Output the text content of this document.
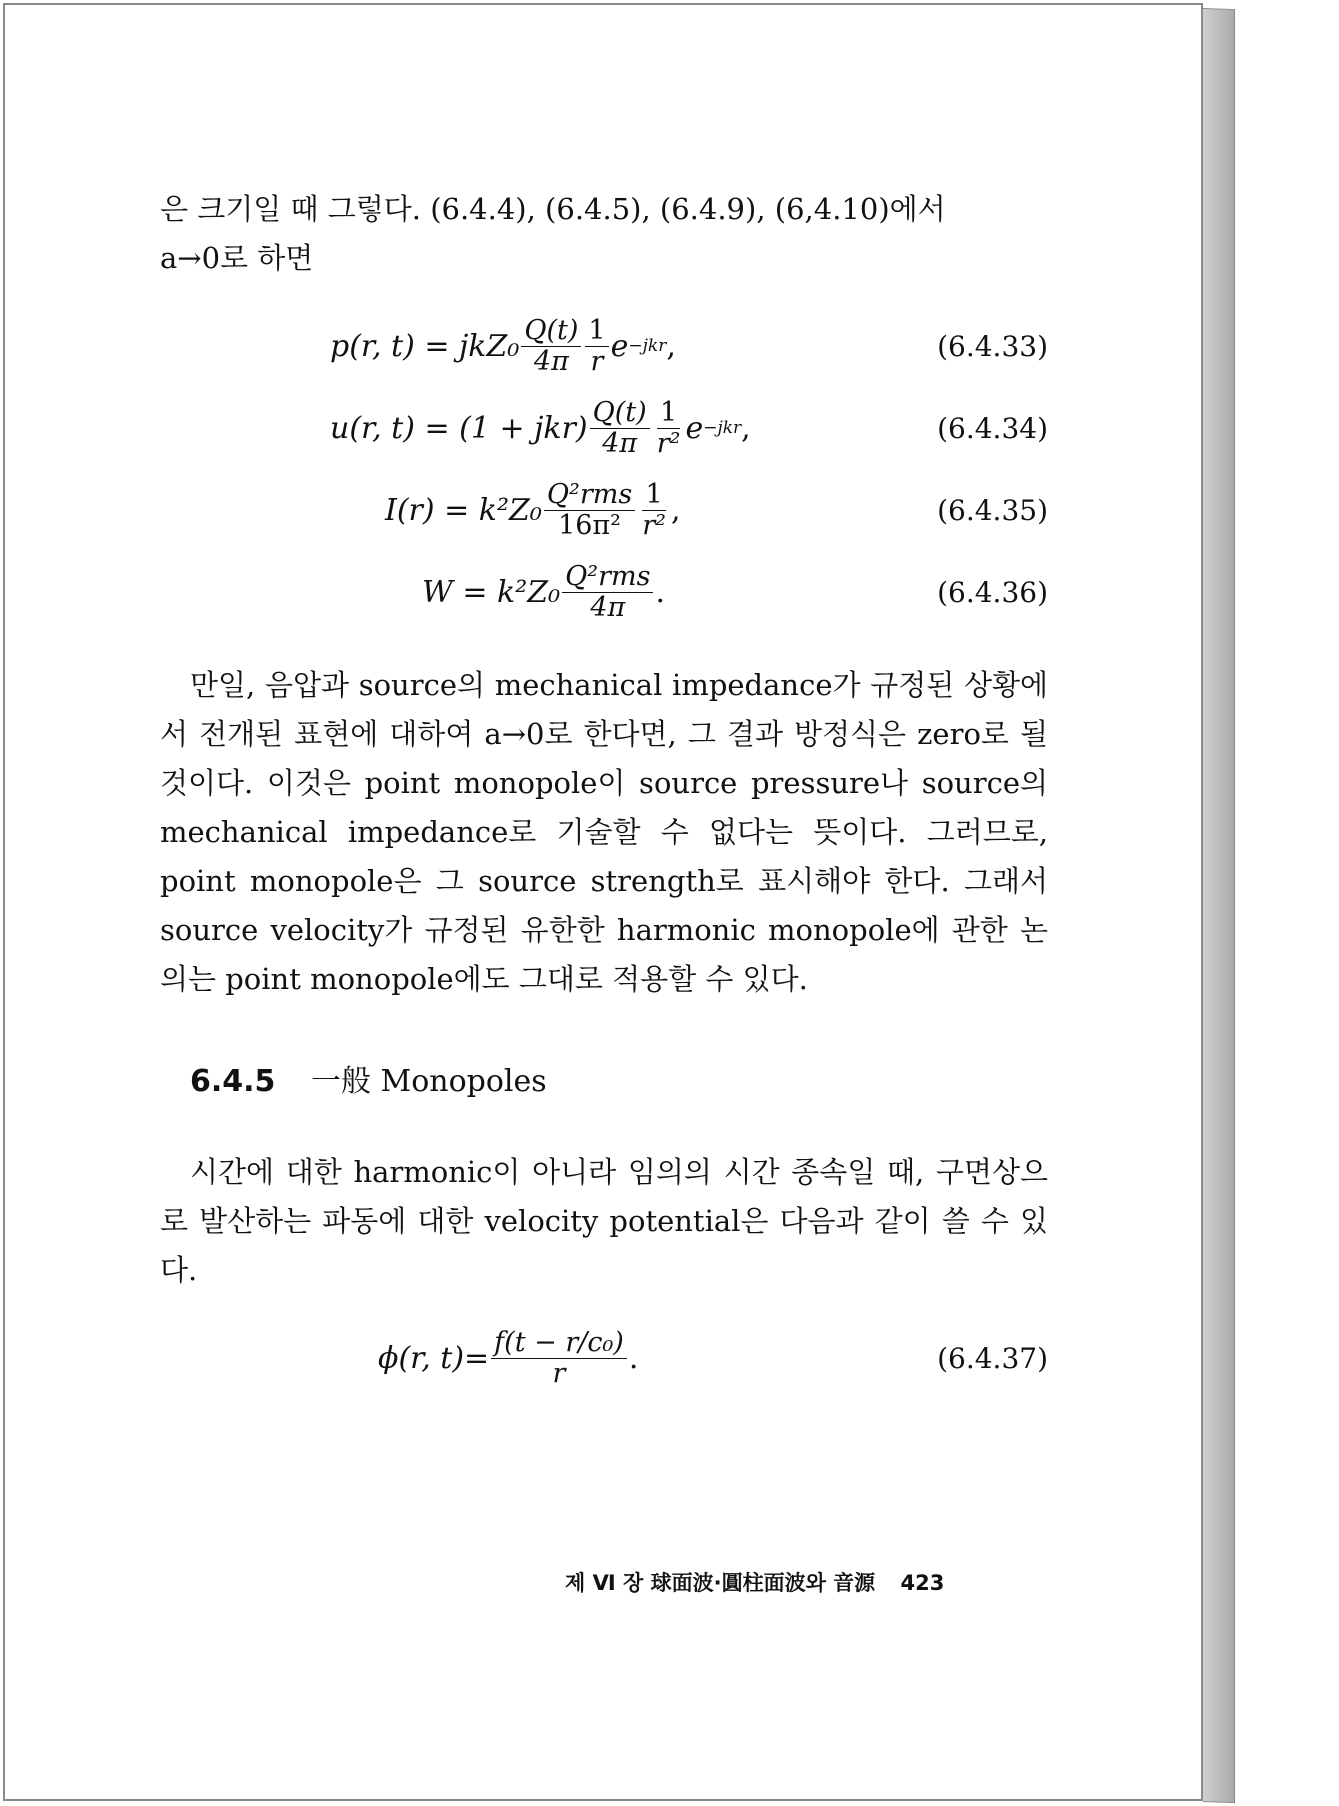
은 크기일 때 그렇다. (6.4.4), (6.4.5), (6.4.9), (6,4.10)에서

a→0로 하면

p(r, $t) = jkZ_0 \frac{Q(t)}{4\pi} \frac{1}{r}$ e −jkr ,	(6.4.33)
u(r, $t) = (1 + jkr) \frac{Q(t)}{4\pi} \frac{1}{\text{r²}}$ e −jkr ,	(6.4.34)
$I(r) = k^2Z_0 \frac{\text{Q²rms}}{\text{16π²}} \frac{1}{\text{r²}}$ ,	(6.4.35)
$W = k^2Z_0 \frac{\text{Q²rms}}{4\pi}$ .	(6.4.36)

만일, 음압과 source의 mechanical impedance가 규정된 상황에서 전개된 표현에 대하여 a→0로 한다면, 그 결과 방정식은 zero로 될 것이다. 이것은 point monopole이 source pressure나 source의 mechanical impedance로 기술할 수 없다는 뜻이다. 그러므로, point monopole은 그 source strength로 표시해야 한다. 그래서 source velocity가 규정된 유한한 harmonic monopole에 관한 논의는 point monopole에도 그대로 적용할 수 있다.

6.4.5 一般 Monopoles

시간에 대한 harmonic이 아니라 임의의 시간 종속일 때, 구면상으로 발산하는 파동에 대한 velocity potential은 다음과 같이 쓸 수 있다.

ϕ(r, $t)= \frac{\text{f(t − r/c₀)}}{r}$ .	(6.4.37)
제 Ⅵ 장 球面波·圓柱面波와 音源 423
